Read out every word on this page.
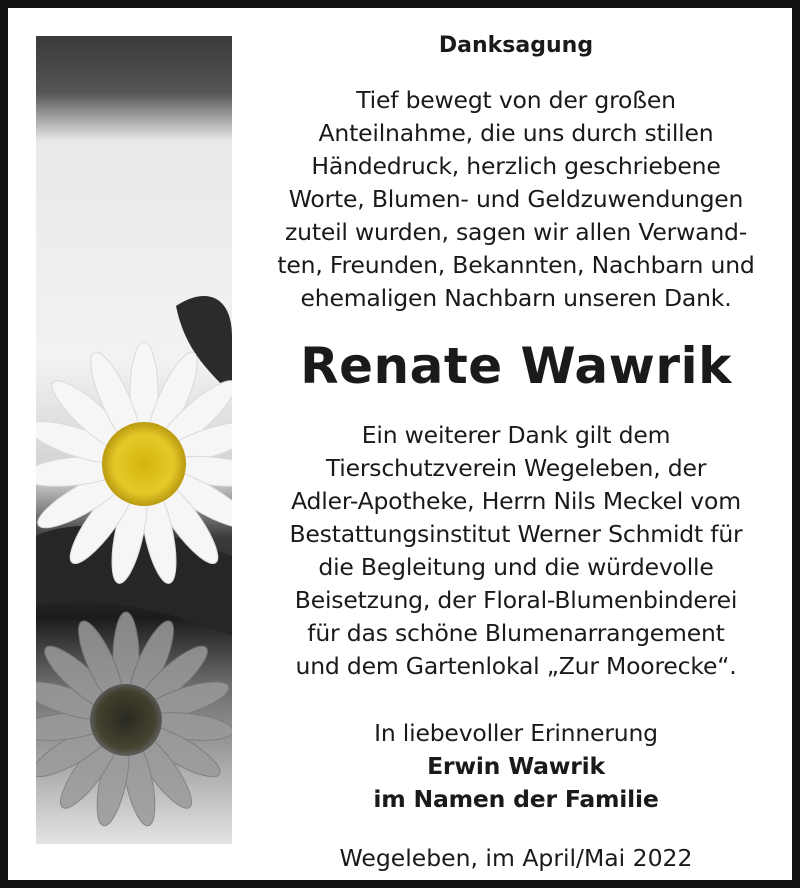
Danksagung
Tief bewegt von der großen
Anteilnahme, die uns durch stillen
Händedruck, herzlich geschriebene
Worte, Blumen- und Geldzuwendungen
zuteil wurden, sagen wir allen Verwand-
ten, Freunden, Bekannten, Nachbarn und
ehemaligen Nachbarn unseren Dank.
Renate Wawrik
Ein weiterer Dank gilt dem
Tierschutzverein Wegeleben, der
Adler-Apotheke, Herrn Nils Meckel vom
Bestattungsinstitut Werner Schmidt für
die Begleitung und die würdevolle
Beisetzung, der Floral-Blumenbinderei
für das schöne Blumenarrangement
und dem Gartenlokal „Zur Moorecke“.
In liebevoller Erinnerung
Erwin Wawrik
im Namen der Familie
Wegeleben, im April/Mai 2022
